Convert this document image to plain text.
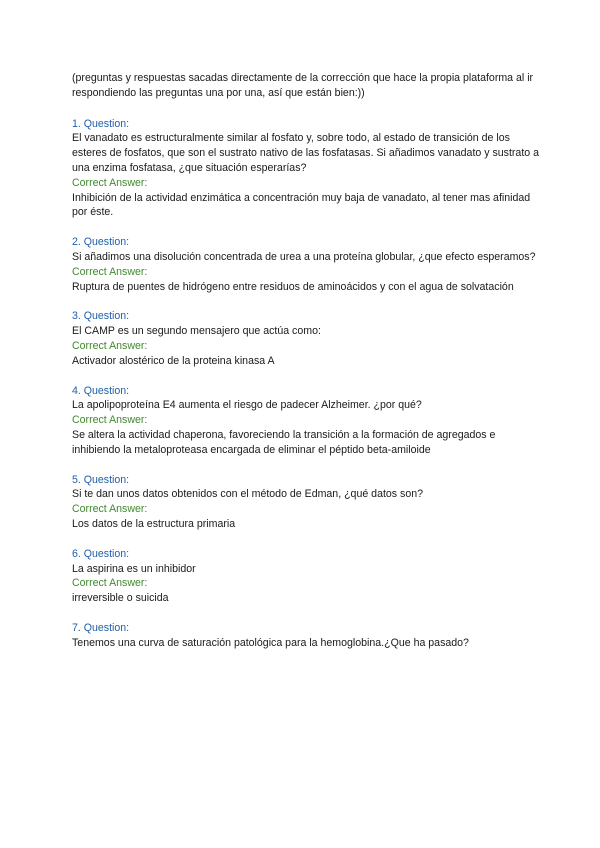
(preguntas y respuestas sacadas directamente de la corrección que hace la propia plataforma al ir respondiendo las preguntas una por una, así que están bien:))

1. Question:
El vanadato es estructuralmente similar al fosfato y, sobre todo, al estado de transición de los esteres de fosfatos, que son el sustrato nativo de las fosfatasas. Si añadimos vanadato y sustrato a una enzima fosfatasa, ¿que situación esperarías?
Correct Answer:
Inhibición de la actividad enzimática a concentración muy baja de vanadato, al tener mas afinidad por éste.
2. Question:
Si añadimos una disolución concentrada de urea a una proteína globular, ¿que efecto esperamos?
Correct Answer:
Ruptura de puentes de hidrógeno entre residuos de aminoácidos y con el agua de solvatación
3. Question:
El CAMP es un segundo mensajero que actúa como:
Correct Answer:
Activador alostérico de la proteina kinasa A
4. Question:
La apolipoproteína E4 aumenta el riesgo de padecer Alzheimer. ¿por qué?
Correct Answer:
Se altera la actividad chaperona, favoreciendo la transición a la formación de agregados e inhibiendo la metaloproteasa encargada de eliminar el péptido beta-amiloide
5. Question:
Si te dan unos datos obtenidos con el método de Edman, ¿qué datos son?
Correct Answer:
Los datos de la estructura primaria
6. Question:
La aspirina es un inhibidor
Correct Answer:
irreversible o suicida
7. Question:
Tenemos una curva de saturación patológica para la hemoglobina.¿Que ha pasado?
